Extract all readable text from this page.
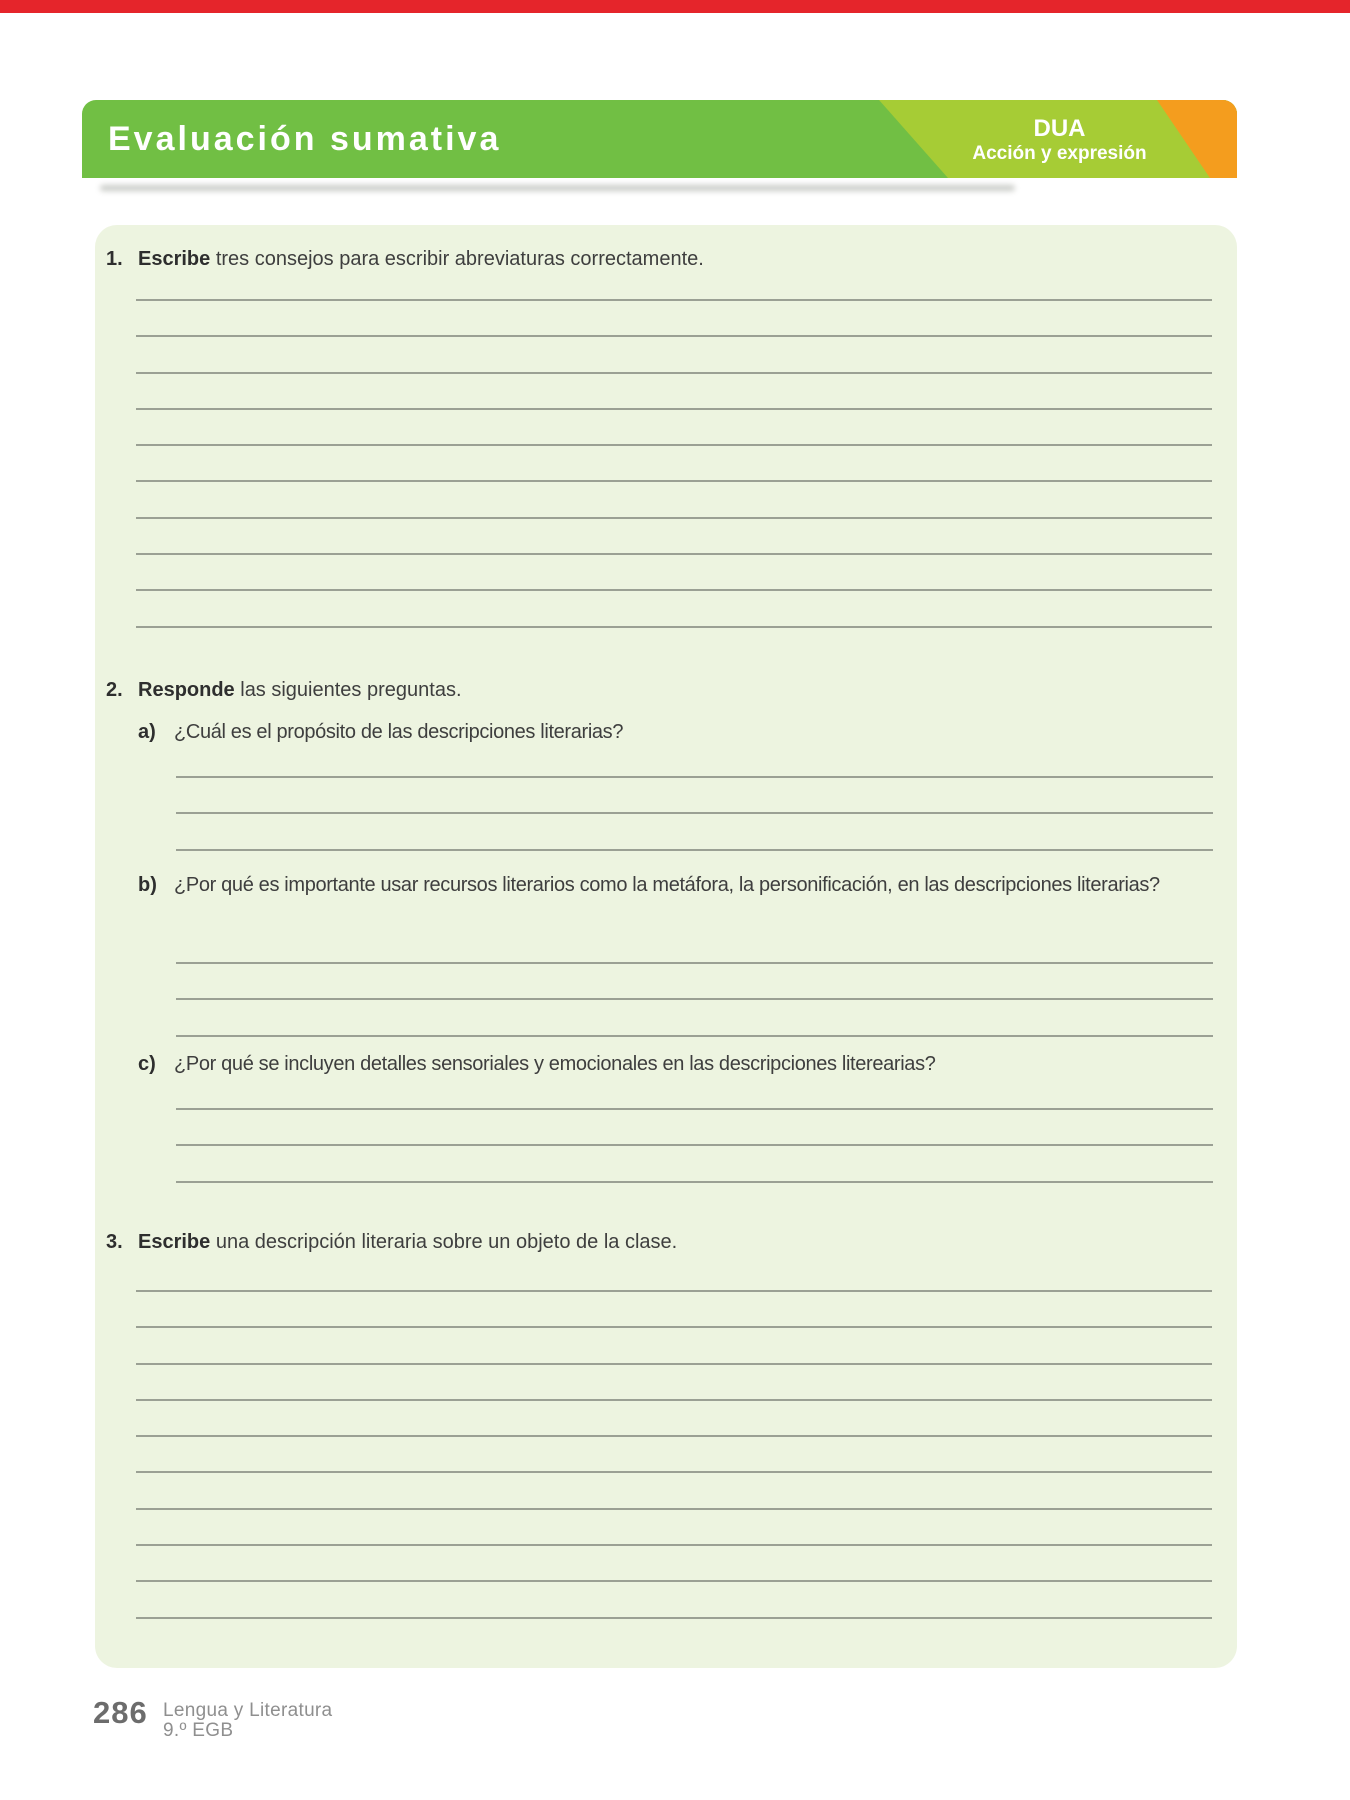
Evaluación sumativa	DUA
Acción y expresión
1. Escribe tres consejos para escribir abreviaturas correctamente.
2. Responde las siguientes preguntas.
a) ¿Cuál es el propósito de las descripciones literarias?
b) ¿Por qué es importante usar recursos literarios como la metáfora, la personificación, en las descripciones literarias?
c) ¿Por qué se incluyen detalles sensoriales y emocionales en las descripciones literearias?
3. Escribe una descripción literaria sobre un objeto de la clase.
286 Lengua y Literatura
9.º EGB
